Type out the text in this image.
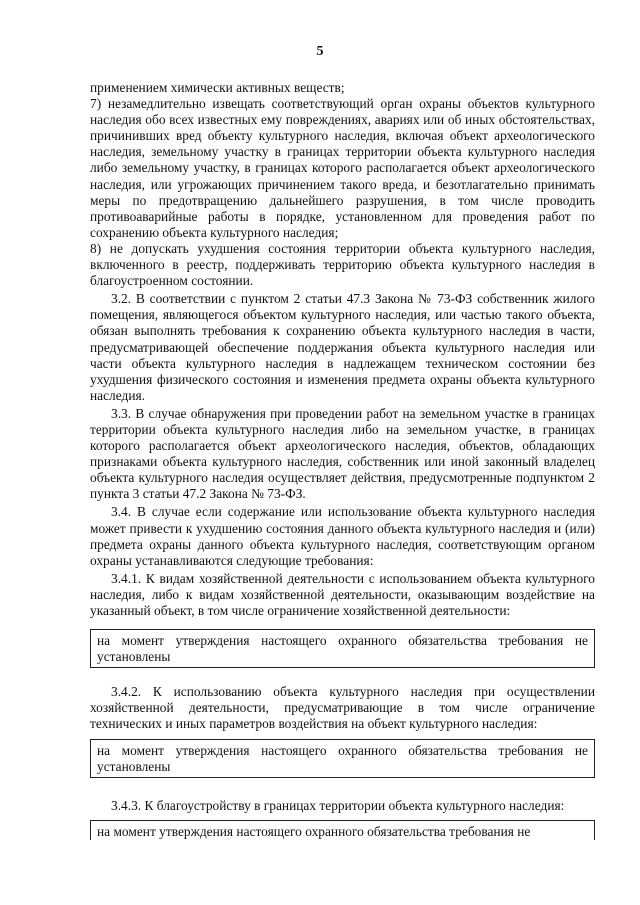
5

применением химически активных веществ;

7) незамедлительно извещать соответствующий орган охраны объектов культурного наследия обо всех известных ему повреждениях, авариях или об иных обстоятельствах, причинивших вред объекту культурного наследия, включая объект археологического наследия, земельному участку в границах территории объекта культурного наследия либо земельному участку, в границах которого располагается объект археологического наследия, или угрожающих причинением такого вреда, и безотлагательно принимать меры по предотвращению дальнейшего разрушения, в том числе проводить противоаварийные работы в порядке, установленном для проведения работ по сохранению объекта культурного наследия;

8) не допускать ухудшения состояния территории объекта культурного наследия, включенного в реестр, поддерживать территорию объекта культурного наследия в благоустроенном состоянии.

3.2. В соответствии с пунктом 2 статьи 47.3 Закона № 73-ФЗ собственник жилого помещения, являющегося объектом культурного наследия, или частью такого объекта, обязан выполнять требования к сохранению объекта культурного наследия в части, предусматривающей обеспечение поддержания объекта культурного наследия или части объекта культурного наследия в надлежащем техническом состоянии без ухудшения физического состояния и изменения предмета охраны объекта культурного наследия.

3.3. В случае обнаружения при проведении работ на земельном участке в границах территории объекта культурного наследия либо на земельном участке, в границах которого располагается объект археологического наследия, объектов, обладающих признаками объекта культурного наследия, собственник или иной законный владелец объекта культурного наследия осуществляет действия, предусмотренные подпунктом 2 пункта 3 статьи 47.2 Закона № 73-ФЗ.

3.4. В случае если содержание или использование объекта культурного наследия может привести к ухудшению состояния данного объекта культурного наследия и (или) предмета охраны данного объекта культурного наследия, соответствующим органом охраны устанавливаются следующие требования:

3.4.1. К видам хозяйственной деятельности с использованием объекта культурного наследия, либо к видам хозяйственной деятельности, оказывающим воздействие на указанный объект, в том числе ограничение хозяйственной деятельности:

на момент утверждения настоящего охранного обязательства требования не установлены

3.4.2. К использованию объекта культурного наследия при осуществлении хозяйственной деятельности, предусматривающие в том числе ограничение технических и иных параметров воздействия на объект культурного наследия:

на момент утверждения настоящего охранного обязательства требования не установлены

3.4.3. К благоустройству в границах территории объекта культурного наследия:

на момент утверждения настоящего охранного обязательства требования не
